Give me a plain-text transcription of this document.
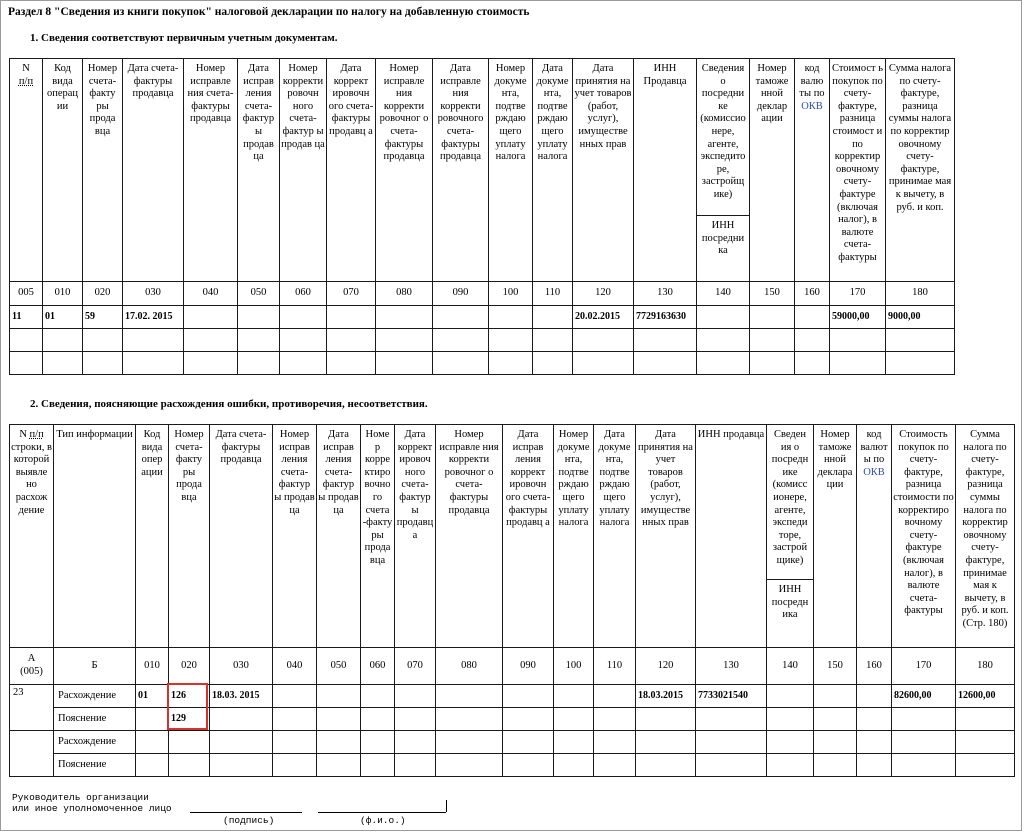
Раздел 8 "Сведения из книги покупок" налоговой декларации по налогу на добавленную стоимость
1. Сведения соответствуют первичным учетным документам.
N
п/п	Код вида операц ии	Номер счета-факту ры прода вца	Дата счета-фактуры продавца	Номер исправле ния счета-фактуры продавца	Дата исправ ления счета-фактур ы продав ца	Номер корректи ровочн ного счета-фактур ы продав ца	Дата коррект ировочн ого счета-фактуры продавц а	Номер исправле ния корректи ровочног о счета-фактуры продавца	Дата исправле ния корректи ровочного счета-фактуры продавца	Номер докуме нта, подтве рждаю щего уплату налога	Дата докуме нта, подтве рждаю щего уплату налога	Дата принятия на учет товаров (работ, услуг), имуществе нных прав	ИНН Продавца	Сведения о посредни ке (комиссио нере, агенте, экспедито ре, застройщ ике)	Номер таможе нной деклар ации	код валю ты по ОКВ	Стоимост ь покупок по счету-фактуре, разница стоимост и по корректир овочному счету-фактуре (включая налог), в валюте счета-фактуры	Сумма налога по счету-фактуре, разница суммы налога по корректир овочному счету-фактуре, принимае мая к вычету, в руб. и коп.
														ИНН посредни ка				
005	010	020	030	040	050	060	070	080	090	100	110	120	130	140	150	160	170	180
11	01	59	17.02. 2015									20.02.2015	7729163630				59000,00	9000,00

2. Сведения, поясняющие расхождения ошибки, противоречия, несоответствия.
N п/п строки, в которой выявле но расхож дение	Тип информации	Код вида опер ации	Номер счета-факту ры прода вца	Дата счета-фактуры продавца	Номер исправ ления счета-фактур ы продав ца	Дата исправ ления счета-фактур ы продав ца	Номе р корре ктиро вочно го счета -факту ры прода вца	Дата коррект ировоч ного счета-фактур ы продавц а	Номер исправле ния корректи ровочног о счета-фактуры продавца	Дата исправ ления коррект ировочн ого счета-фактуры продавц а	Номер докуме нта, подтве рждаю щего уплату налога	Дата докуме нта, подтве рждаю щего уплату налога	Дата принятия на учет товаров (работ, услуг), имуществе нных прав	ИНН продавца	Сведен ия о посредн ике (комисс ионере, агенте, экспеди торе, застрой щике)	Номер таможе нной деклара ции	код валюты по ОКВ	Стоимость покупок по счету-фактуре, разница стоимости по корректиро вочному счету-фактуре (включая налог), в валюте счета-фактуры	Сумма налога по счету-фактуре, разница суммы налога по корректир овочному счету-фактуре, принимае мая к вычету, в руб. и коп. (Стр. 180)
															ИНН посредн ика				
А
(005)	Б	010	020	030	040	050	060	070	080	090	100	110	120	130	140	150	160	170	180
23	Расхождение	01	126	18.03. 2015									18.03.2015	7733021540				82600,00	12600,00
	Пояснение		129																
	Расхождение																		
	Пояснение																		
Руководитель организации
или иное уполномоченное лицо
(подпись)	(ф.и.о.)
